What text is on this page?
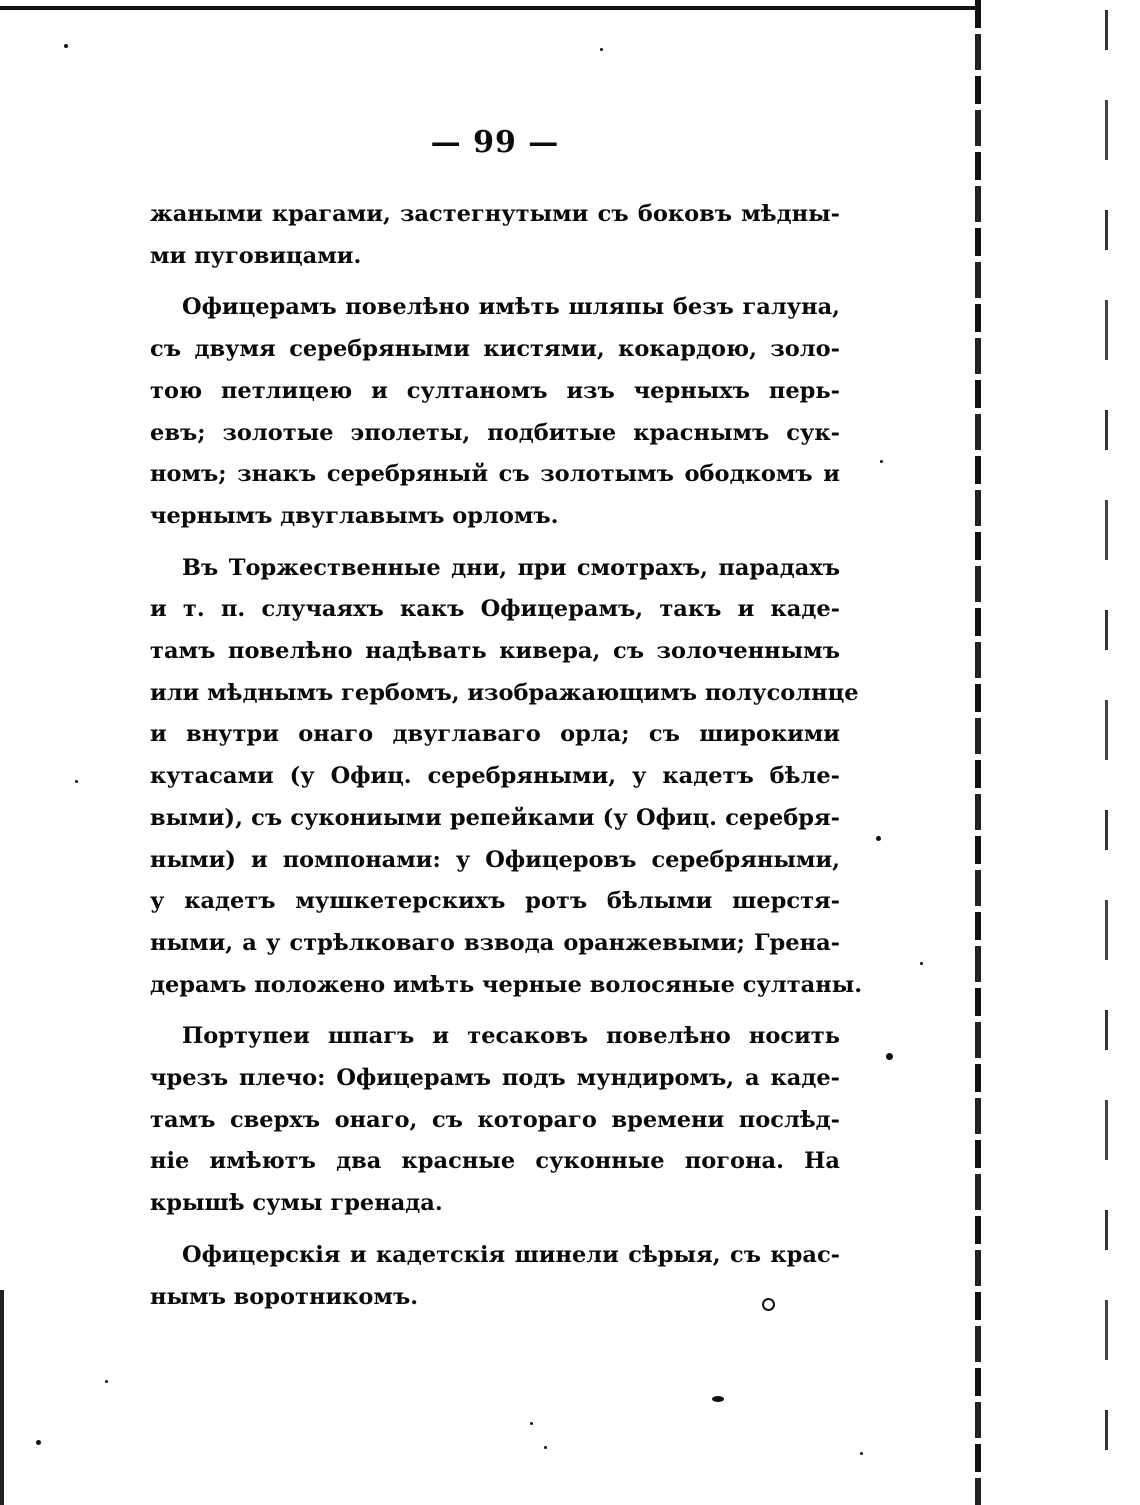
— 99 —
жаными крагами, застегнутыми съ боковъ мѣдны-
ми пуговицами.
Офицерамъ повелѣно имѣть шляпы безъ галуна,
съ двумя серебряными кистями, кокардою, золо-
тою петлицею и султаномъ изъ черныхъ перь-
евъ; золотые эполеты, подбитые краснымъ сук-
номъ; знакъ серебряный съ золотымъ ободкомъ и
чернымъ двуглавымъ орломъ.
Въ Торжественные дни, при смотрахъ, парадахъ
и т. п. случаяхъ какъ Офицерамъ, такъ и каде-
тамъ повелѣно надѣвать кивера, съ золоченнымъ
или мѣднымъ гербомъ, изображающимъ полусолнце
и внутри онаго двуглаваго орла; съ широкими
кутасами (у Офиц. серебряными, у кадетъ бѣле-
выми), съ сукониыми репейками (у Офиц. серебря-
ными) и помпонами: у Офицеровъ серебряными,
у кадетъ мушкетерскихъ ротъ бѣлыми шерстя-
ными, а у стрѣлковаго взвода оранжевыми; Грена-
дерамъ положено имѣть черные волосяные султаны.
Портупеи шпагъ и тесаковъ повелѣно носить
чрезъ плечо: Офицерамъ подъ мундиромъ, а каде-
тамъ сверхъ онаго, съ котораго времени послѣд-
ніе имѣютъ два красные суконные погона. На
крышѣ сумы гренада.
Офицерскія и кадетскія шинели сѣрыя, съ крас-
нымъ воротникомъ.
